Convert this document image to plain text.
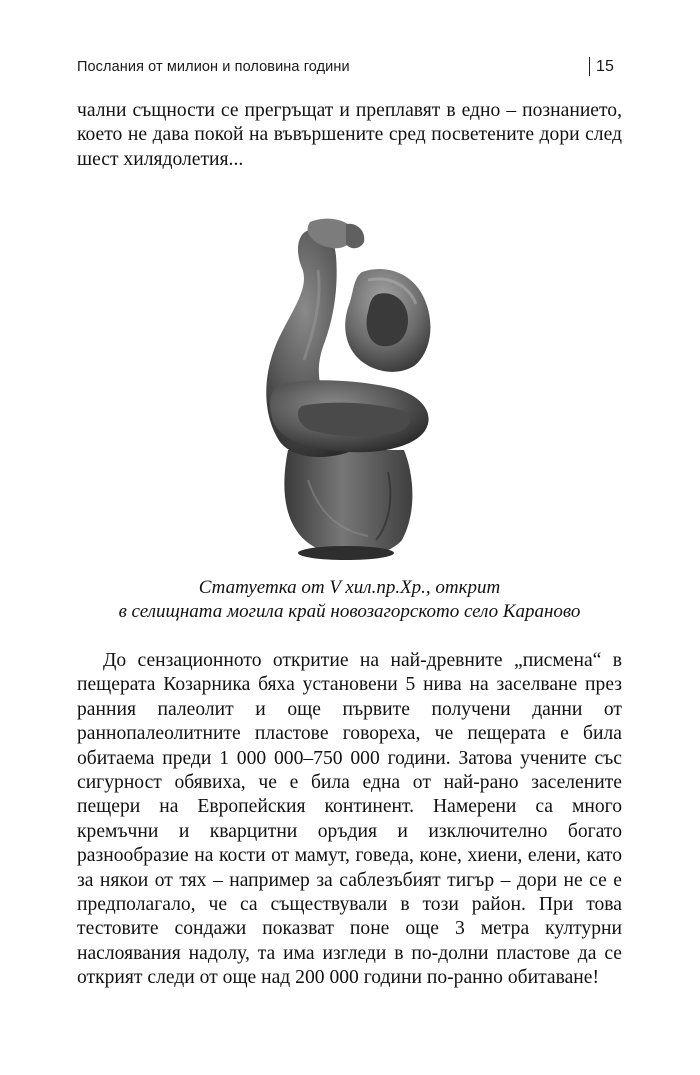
Послания от милион и половина години	15

чални същности се прегръщат и преплавят в едно – познанието, което не дава покой на въвършените сред посветените дори след шест хилядолетия...

Статуетка от V хил.пр.Хр., открит
в селищната могила край новозагорското село Караново

До сензационното откритие на най-древните „писмена“ в пещерата Козарника бяха установени 5 нива на заселване през ранния палеолит и още първите получени данни от раннопалеолитните пластове говореха, че пещерата е била обитаема преди 1 000 000–750 000 години. Затова учените със сигурност обявиха, че е била една от най-рано заселените пещери на Европейския континент. Намерени са много кремъчни и кварцитни оръдия и изключително богато разнообразие на кости от мамут, говеда, коне, хиени, елени, като за някои от тях – например за саблезъбият тигър – дори не се е предполагало, че са съществували в този район. При това тестовите сондажи показват поне още 3 метра културни наслоявания надолу, та има изгледи в по-долни пластове да се открият следи от още над 200 000 години по-ранно обитаване!
